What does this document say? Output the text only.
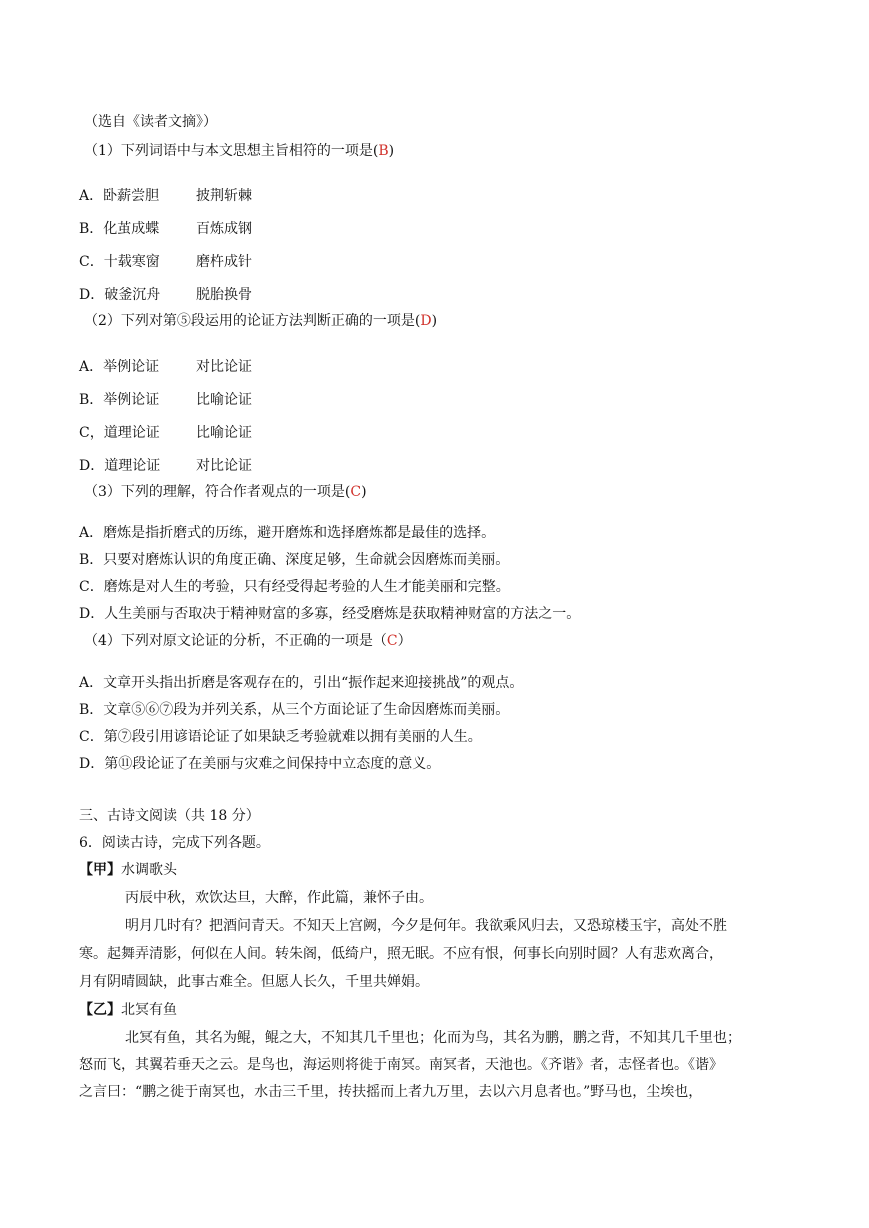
（选自《读者文摘》）
（1）下列词语中与本文思想主旨相符的一项是(B)
A．卧薪尝胆	披荆斩棘
B．化茧成蝶	百炼成钢
C．十载寒窗	磨杵成针
D．破釜沉舟	脱胎换骨
（2）下列对第⑤段运用的论证方法判断正确的一项是(D)
A．举例论证	对比论证
B．举例论证	比喻论证
C，道理论证	比喻论证
D．道理论证	对比论证
（3）下列的理解，符合作者观点的一项是(C)
A．磨炼是指折磨式的历练，避开磨炼和选择磨炼都是最佳的选择。
B．只要对磨炼认识的角度正确、深度足够，生命就会因磨炼而美丽。
C．磨炼是对人生的考验，只有经受得起考验的人生才能美丽和完整。
D．人生美丽与否取决于精神财富的多寡，经受磨炼是获取精神财富的方法之一。
（4）下列对原文论证的分析，不正确的一项是（C）
A．文章开头指出折磨是客观存在的，引出“振作起来迎接挑战”的观点。
B．文章⑤⑥⑦段为并列关系，从三个方面论证了生命因磨炼而美丽。
C．第⑦段引用谚语论证了如果缺乏考验就难以拥有美丽的人生。
D．第⑪段论证了在美丽与灾难之间保持中立态度的意义。
三、古诗文阅读（共 18 分）
6．阅读古诗，完成下列各题。
【甲】水调歌头
丙辰中秋，欢饮达旦，大醉，作此篇，兼怀子由。
明月几时有？把酒问青天。不知天上宫阙，今夕是何年。我欲乘风归去，又恐琼楼玉宇，高处不胜
寒。起舞弄清影，何似在人间。转朱阁，低绮户，照无眠。不应有恨，何事长向别时圆？人有悲欢离合，
月有阴晴圆缺，此事古难全。但愿人长久，千里共婵娟。
【乙】北冥有鱼
北冥有鱼，其名为鲲，鲲之大，不知其几千里也；化而为鸟，其名为鹏，鹏之背，不知其几千里也；
怒而飞，其翼若垂天之云。是鸟也，海运则将徙于南冥。南冥者，天池也。《齐谐》者，志怪者也。《谐》
之言曰：“鹏之徙于南冥也，水击三千里，抟扶摇而上者九万里，去以六月息者也。”野马也，尘埃也，
